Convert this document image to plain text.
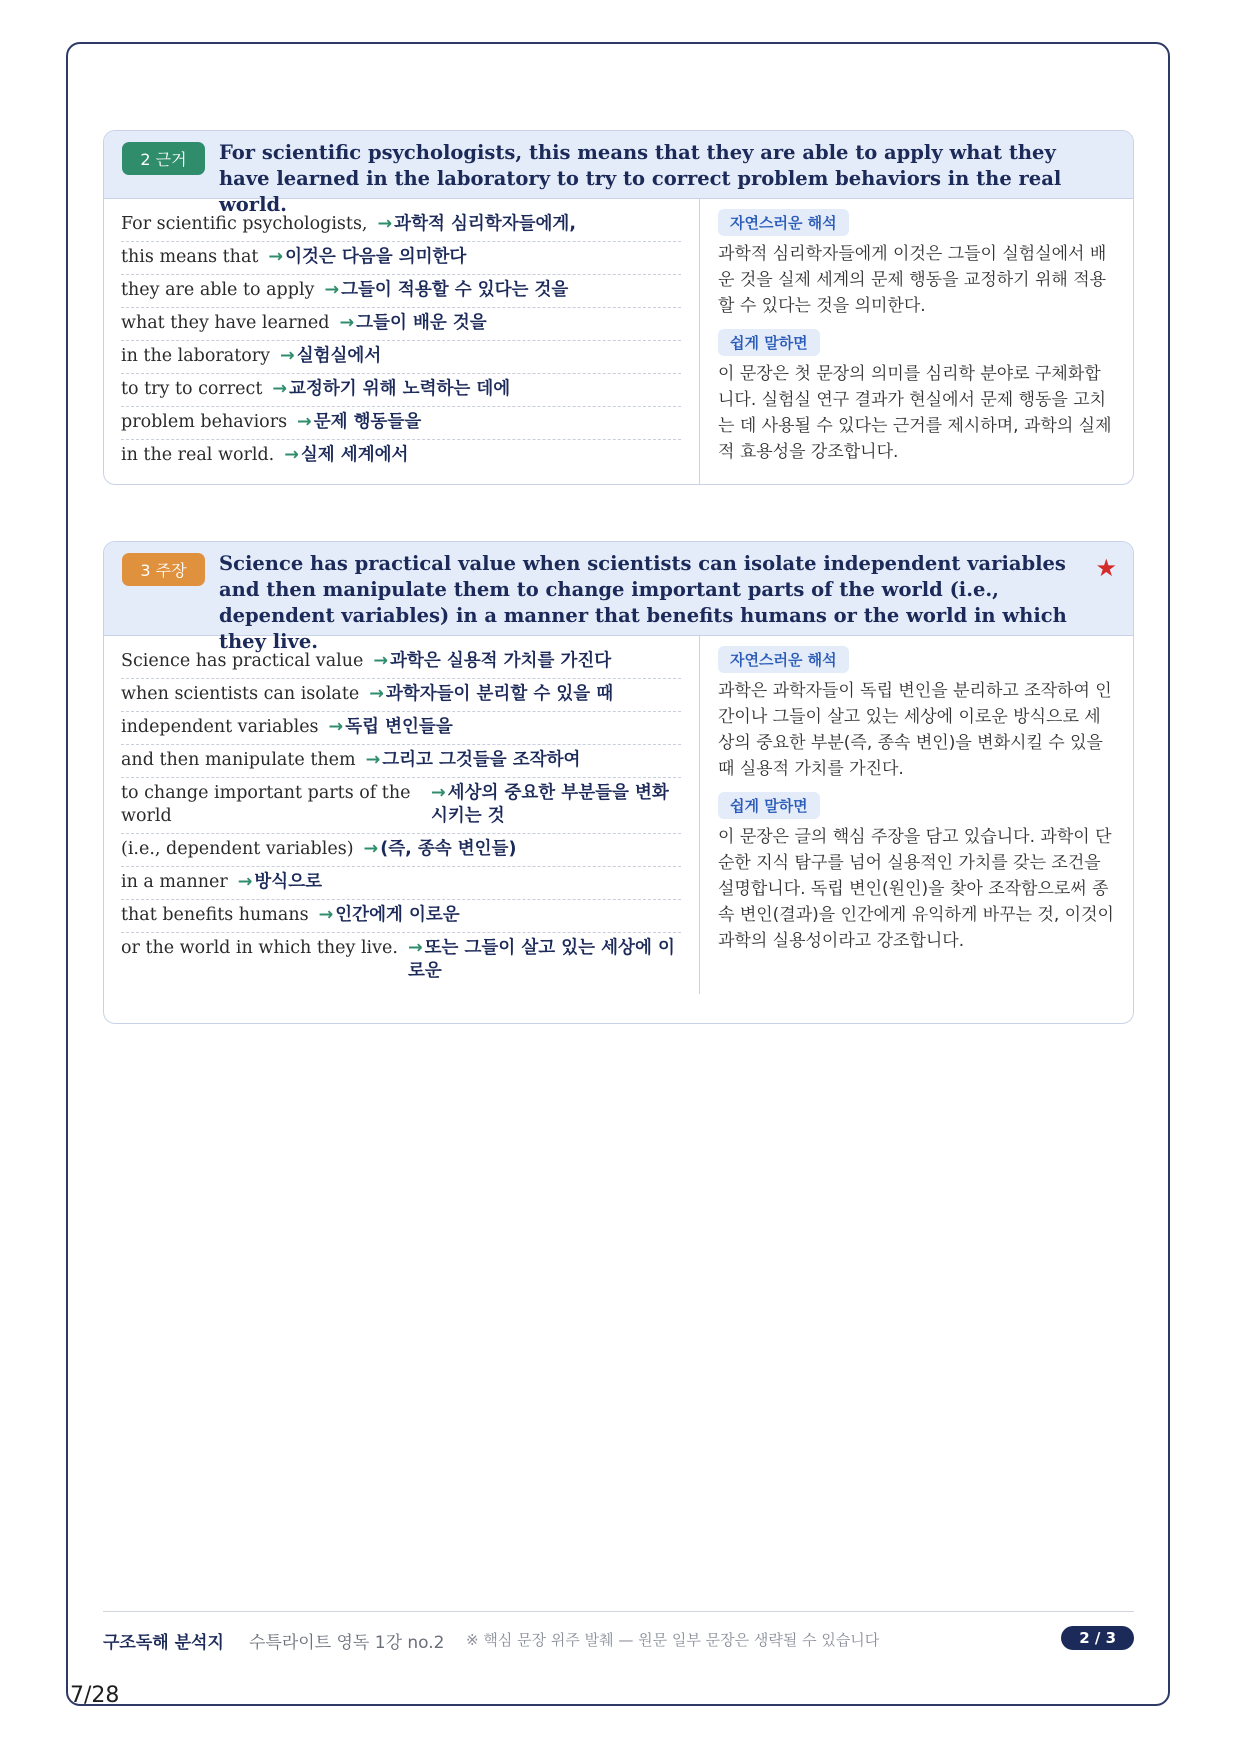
2 근거	For scientific psychologists, this means that they are able to apply what they have learned in the laboratory to try to correct problem behaviors in the real world.
For scientific psychologists, → 과학적 심리학자들에게,
this means that → 이것은 다음을 의미한다
they are able to apply → 그들이 적용할 수 있다는 것을
what they have learned → 그들이 배운 것을
in the laboratory → 실험실에서
to try to correct → 교정하기 위해 노력하는 데에
problem behaviors → 문제 행동들을
in the real world. → 실제 세계에서
자연스러운 해석

과학적 심리학자들에게 이것은 그들이 실험실에서 배운 것을 실제 세계의 문제 행동을 교정하기 위해 적용할 수 있다는 것을 의미한다.

쉽게 말하면

이 문장은 첫 문장의 의미를 심리학 분야로 구체화합니다. 실험실 연구 결과가 현실에서 문제 행동을 고치는 데 사용될 수 있다는 근거를 제시하며, 과학의 실제적 효용성을 강조합니다.

3 주장	Science has practical value when scientists can isolate independent variables and then manipulate them to change important parts of the world (i.e., dependent variables) in a manner that benefits humans or the world in which they live.
★
Science has practical value → 과학은 실용적 가치를 가진다
when scientists can isolate → 과학자들이 분리할 수 있을 때
independent variables → 독립 변인들을
and then manipulate them → 그리고 그것들을 조작하여
to change important parts of the world
→ 세상의 중요한 부분들을 변화시키는 것
(i.e., dependent variables) → (즉, 종속 변인들)
in a manner → 방식으로
that benefits humans → 인간에게 이로운
or the world in which they live. → 또는 그들이 살고 있는 세상에 이로운
자연스러운 해석

과학은 과학자들이 독립 변인을 분리하고 조작하여 인간이나 그들이 살고 있는 세상에 이로운 방식으로 세상의 중요한 부분(즉, 종속 변인)을 변화시킬 수 있을 때 실용적 가치를 가진다.

쉽게 말하면

이 문장은 글의 핵심 주장을 담고 있습니다. 과학이 단순한 지식 탐구를 넘어 실용적인 가치를 갖는 조건을 설명합니다. 독립 변인(원인)을 찾아 조작함으로써 종속 변인(결과)을 인간에게 유익하게 바꾸는 것, 이것이 과학의 실용성이라고 강조합니다.

구조독해 분석지 수특라이트 영독 1강 no.2 ※ 핵심 문장 위주 발췌 — 원문 일부 문장은 생략될 수 있습니다	2 / 3
7/28
